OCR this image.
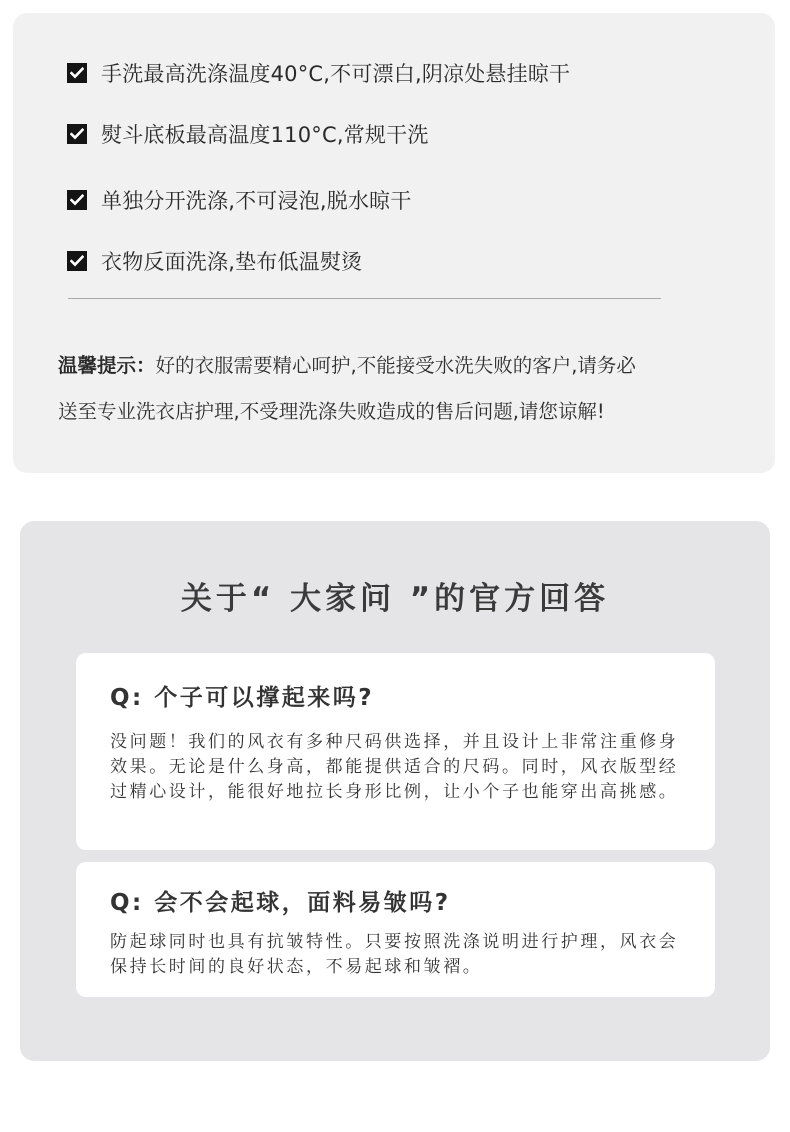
手洗最高洗涤温度40°C,不可漂白,阴凉处悬挂晾干
熨斗底板最高温度110°C,常规干洗
单独分开洗涤,不可浸泡,脱水晾干
衣物反面洗涤,垫布低温熨烫
温馨提示：好的衣服需要精心呵护,不能接受水洗失败的客户,请务必
送至专业洗衣店护理,不受理洗涤失败造成的售后问题,请您谅解!
关于“ 大家问 ”的官方回答
Q: 个子可以撑起来吗?
没问题！我们的风衣有多种尺码供选择，并且设计上非常注重修身效果。无论是什么身高，都能提供适合的尺码。同时，风衣版型经过精心设计，能很好地拉长身形比例，让小个子也能穿出高挑感。
Q: 会不会起球，面料易皱吗?
防起球同时也具有抗皱特性。只要按照洗涤说明进行护理，风衣会保持长时间的良好状态，不易起球和皱褶。
